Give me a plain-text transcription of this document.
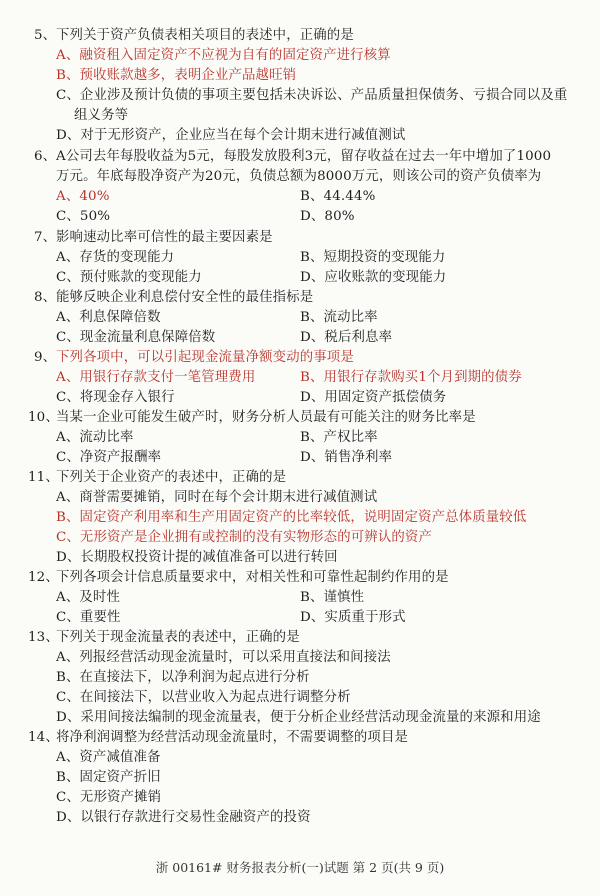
5、 下列关于资产负债表相关项目的表述中，正确的是
A、融资租入固定资产不应视为自有的固定资产进行核算
B、预收账款越多，表明企业产品越旺销
C、企业涉及预计负债的事项主要包括未决诉讼、产品质量担保债务、亏损合同以及重
组义务等
D、对于无形资产，企业应当在每个会计期末进行减值测试
6、 A公司去年每股收益为5元，每股发放股利3元，留存收益在过去一年中增加了1000
万元。年底每股净资产为20元，负债总额为8000万元，则该公司的资产负债率为
A、40%	B、44.44%
C、50%	D、80%
7、 影响速动比率可信性的最主要因素是
A、存货的变现能力	B、短期投资的变现能力
C、预付账款的变现能力	D、应收账款的变现能力
8、 能够反映企业利息偿付安全性的最佳指标是
A、利息保障倍数	B、流动比率
C、现金流量利息保障倍数	D、税后利息率
9、 下列各项中，可以引起现金流量净额变动的事项是
A、用银行存款支付一笔管理费用	B、用银行存款购买1个月到期的债券
C、将现金存入银行	D、用固定资产抵偿债务
10、
当某一企业可能发生破产时，财务分析人员最有可能关注的财务比率是
A、流动比率	B、产权比率
C、净资产报酬率	D、销售净利率
11、
下列关于企业资产的表述中，正确的是
A、商誉需要摊销，同时在每个会计期末进行减值测试
B、固定资产利用率和生产用固定资产的比率较低，说明固定资产总体质量较低
C、无形资产是企业拥有或控制的没有实物形态的可辨认的资产
D、长期股权投资计提的减值准备可以进行转回
12、
下列各项会计信息质量要求中，对相关性和可靠性起制约作用的是
A、及时性	B、谨慎性
C、重要性	D、实质重于形式
13、
下列关于现金流量表的表述中，正确的是
A、列报经营活动现金流量时，可以采用直接法和间接法
B、在直接法下，以净利润为起点进行分析
C、在间接法下，以营业收入为起点进行调整分析
D、采用间接法编制的现金流量表，便于分析企业经营活动现金流量的来源和用途
14、
将净利润调整为经营活动现金流量时，不需要调整的项目是
A、资产减值准备
B、固定资产折旧
C、无形资产摊销
D、以银行存款进行交易性金融资产的投资
浙 00161# 财务报表分析(一)试题 第 2 页(共 9 页)
